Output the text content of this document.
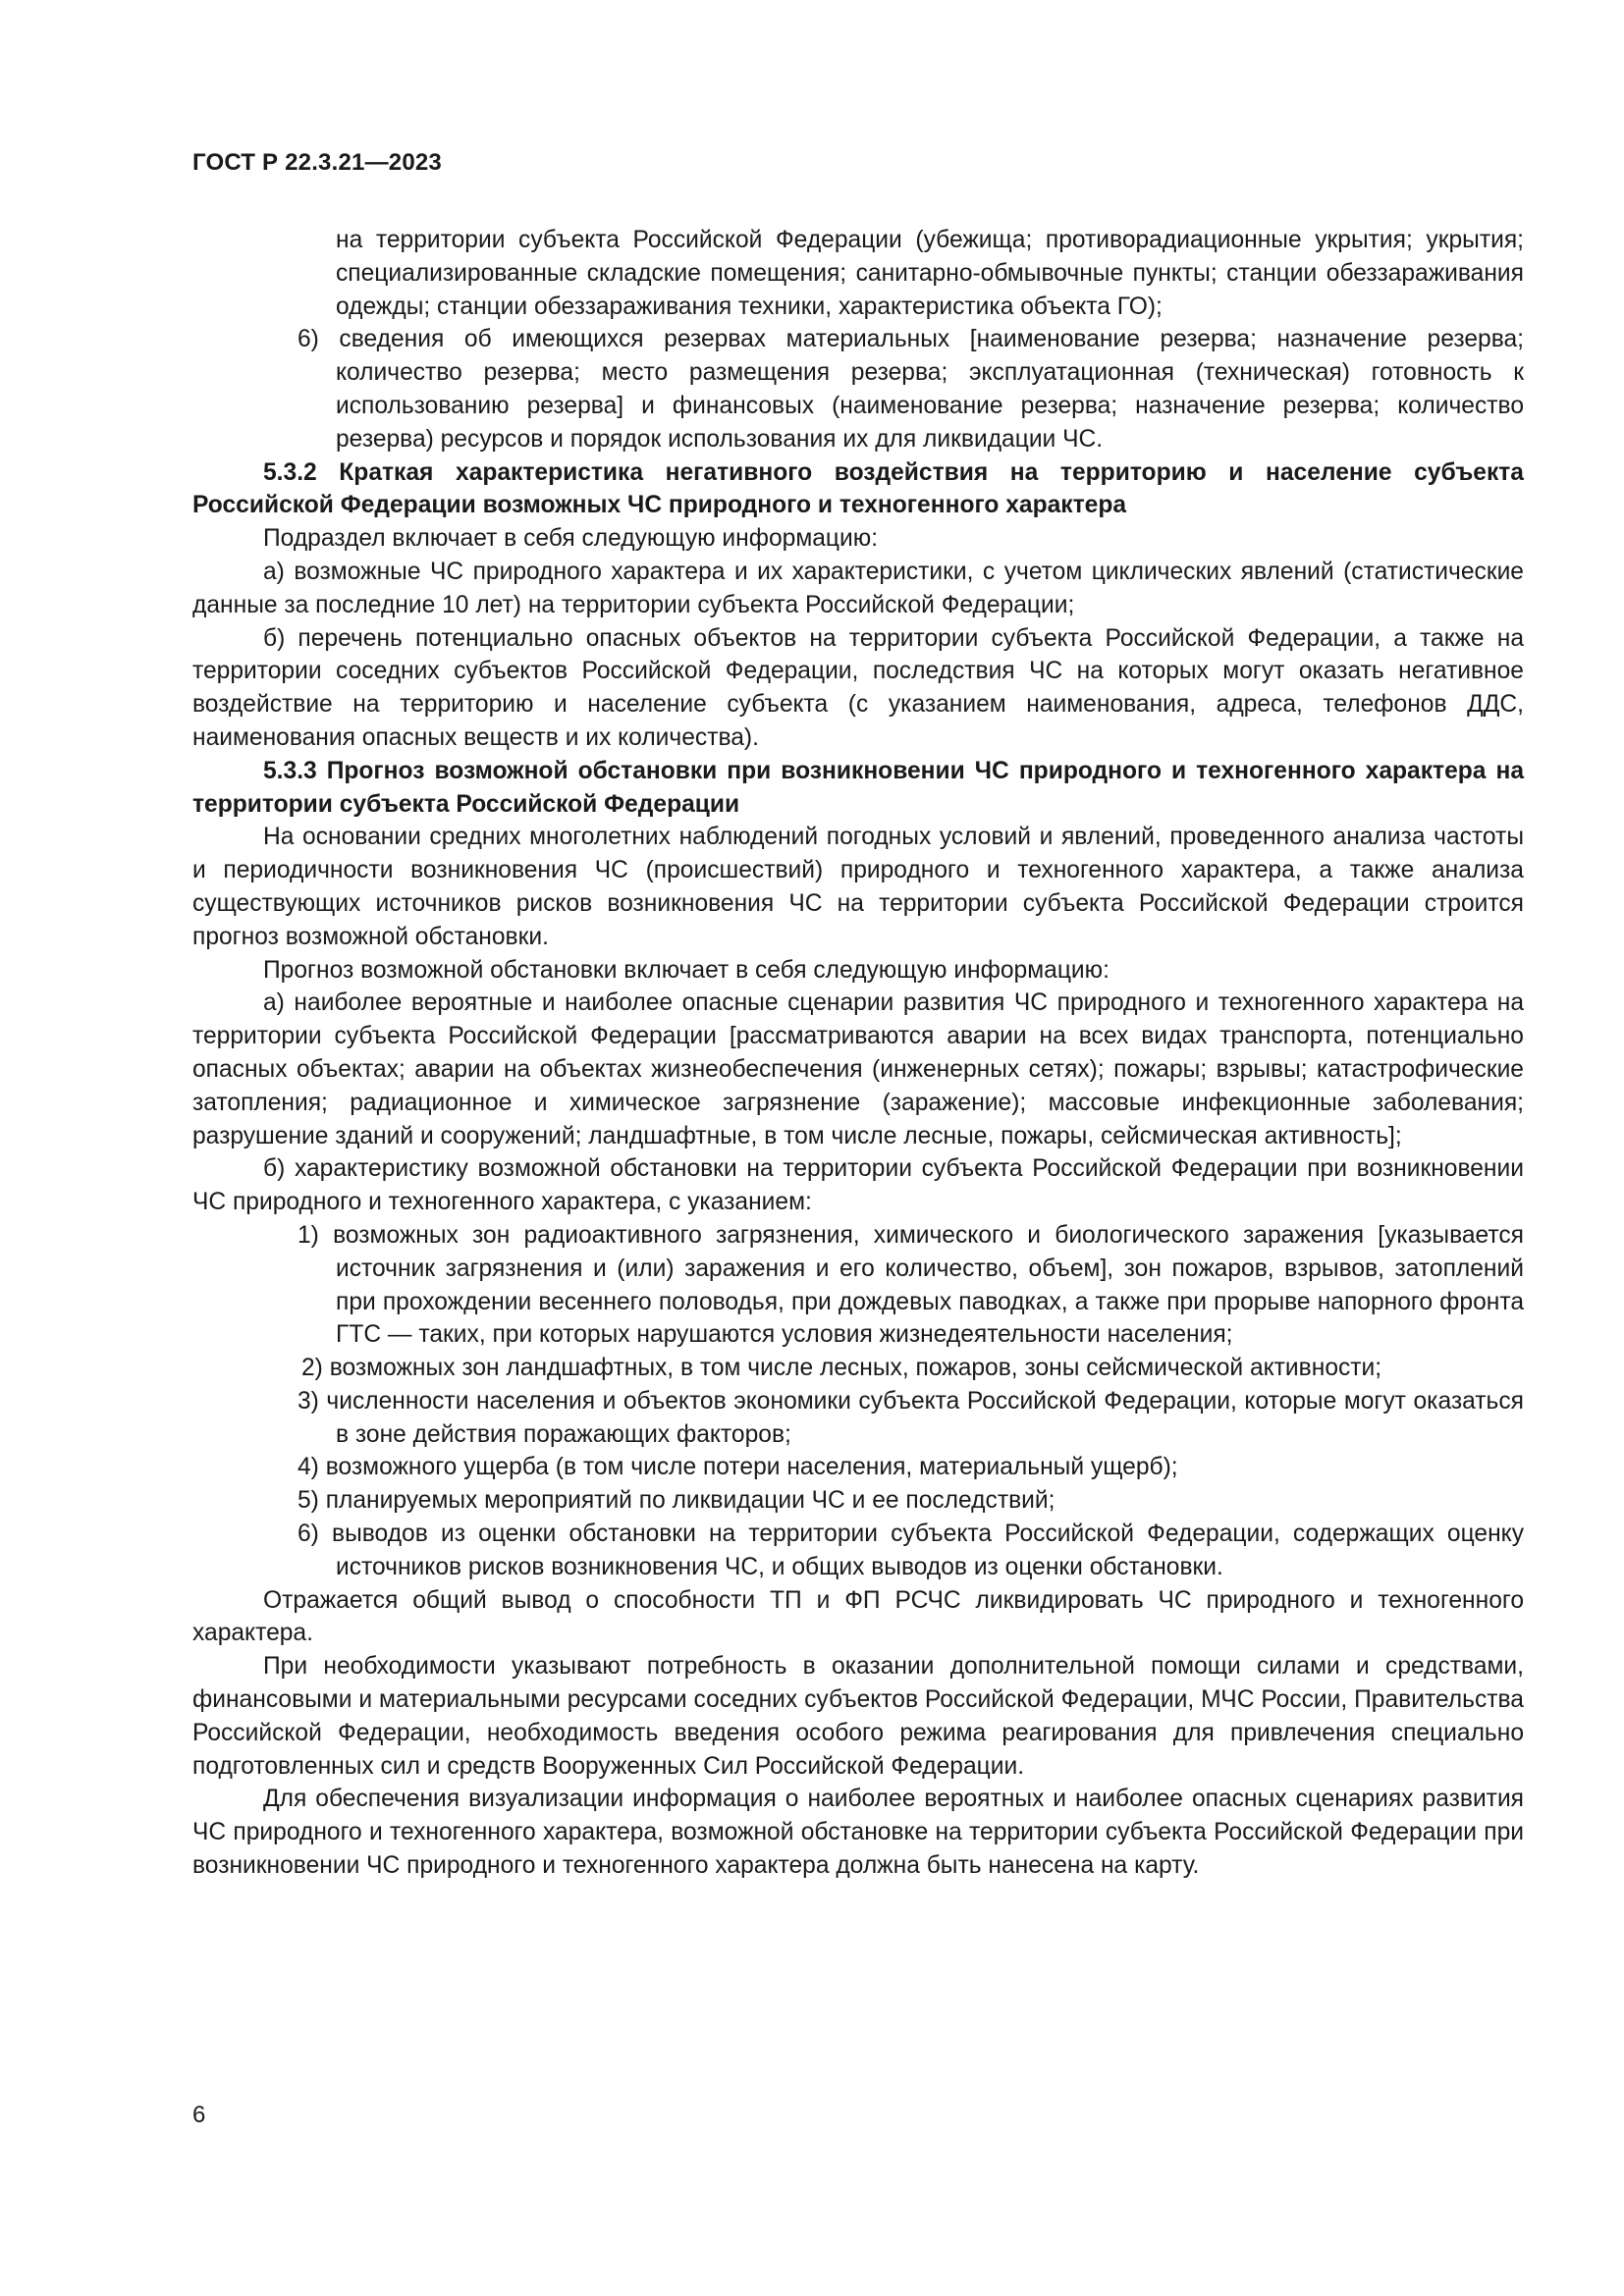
ГОСТ Р 22.3.21—2023

на территории субъекта Российской Федерации (убежища; противорадиационные укрытия; укрытия; специализированные складские помещения; санитарно-обмывочные пункты; станции обеззараживания одежды; станции обеззараживания техники, характеристика объекта ГО);

6) сведения об имеющихся резервах материальных [наименование резерва; назначение резерва; количество резерва; место размещения резерва; эксплуатационная (техническая) готовность к использованию резерва] и финансовых (наименование резерва; назначение резерва; количество резерва) ресурсов и порядок использования их для ликвидации ЧС.

5.3.2 Краткая характеристика негативного воздействия на территорию и население субъекта Российской Федерации возможных ЧС природного и техногенного характера

Подраздел включает в себя следующую информацию:

а) возможные ЧС природного характера и их характеристики, с учетом циклических явлений (статистические данные за последние 10 лет) на территории субъекта Российской Федерации;

б) перечень потенциально опасных объектов на территории субъекта Российской Федерации, а также на территории соседних субъектов Российской Федерации, последствия ЧС на которых могут оказать негативное воздействие на территорию и население субъекта (с указанием наименования, адреса, телефонов ДДС, наименования опасных веществ и их количества).

5.3.3 Прогноз возможной обстановки при возникновении ЧС природного и техногенного характера на территории субъекта Российской Федерации

На основании средних многолетних наблюдений погодных условий и явлений, проведенного анализа частоты и периодичности возникновения ЧС (происшествий) природного и техногенного характера, а также анализа существующих источников рисков возникновения ЧС на территории субъекта Российской Федерации строится прогноз возможной обстановки.

Прогноз возможной обстановки включает в себя следующую информацию:

а) наиболее вероятные и наиболее опасные сценарии развития ЧС природного и техногенного характера на территории субъекта Российской Федерации [рассматриваются аварии на всех видах транспорта, потенциально опасных объектах; аварии на объектах жизнеобеспечения (инженерных сетях); пожары; взрывы; катастрофические затопления; радиационное и химическое загрязнение (заражение); массовые инфекционные заболевания; разрушение зданий и сооружений; ландшафтные, в том числе лесные, пожары, сейсмическая активность];

б) характеристику возможной обстановки на территории субъекта Российской Федерации при возникновении ЧС природного и техногенного характера, с указанием:

1) возможных зон радиоактивного загрязнения, химического и биологического заражения [указывается источник загрязнения и (или) заражения и его количество, объем], зон пожаров, взрывов, затоплений при прохождении весеннего половодья, при дождевых паводках, а также при прорыве напорного фронта ГТС — таких, при которых нарушаются условия жизнедеятельности населения;

2) возможных зон ландшафтных, в том числе лесных, пожаров, зоны сейсмической активности;

3) численности населения и объектов экономики субъекта Российской Федерации, которые могут оказаться в зоне действия поражающих факторов;

4) возможного ущерба (в том числе потери населения, материальный ущерб);

5) планируемых мероприятий по ликвидации ЧС и ее последствий;

6) выводов из оценки обстановки на территории субъекта Российской Федерации, содержащих оценку источников рисков возникновения ЧС, и общих выводов из оценки обстановки.

Отражается общий вывод о способности ТП и ФП РСЧС ликвидировать ЧС природного и техногенного характера.

При необходимости указывают потребность в оказании дополнительной помощи силами и средствами, финансовыми и материальными ресурсами соседних субъектов Российской Федерации, МЧС России, Правительства Российской Федерации, необходимость введения особого режима реагирования для привлечения специально подготовленных сил и средств Вооруженных Сил Российской Федерации.

Для обеспечения визуализации информация о наиболее вероятных и наиболее опасных сценариях развития ЧС природного и техногенного характера, возможной обстановке на территории субъекта Российской Федерации при возникновении ЧС природного и техногенного характера должна быть нанесена на карту.

6
